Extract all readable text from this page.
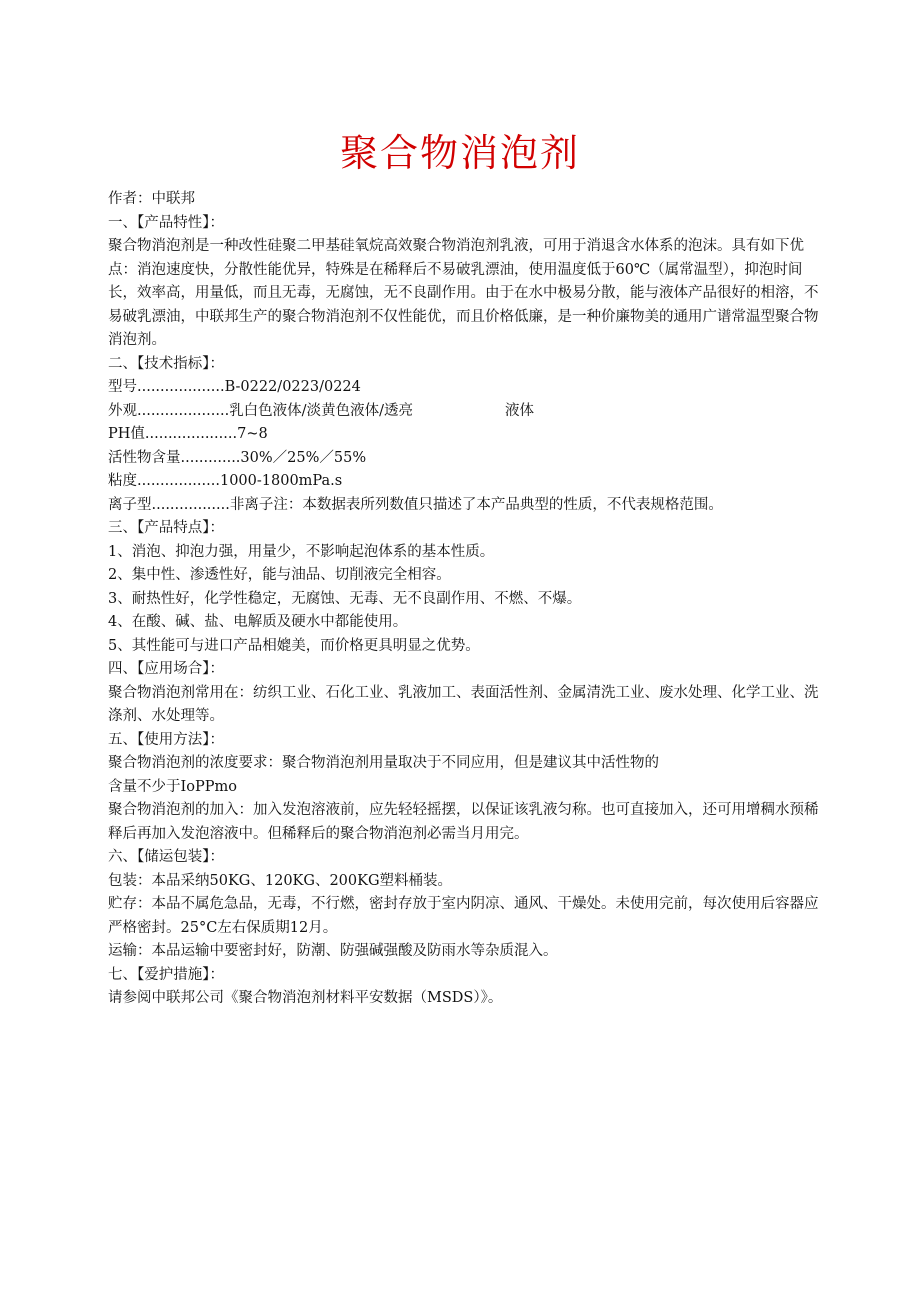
聚合物消泡剂

作者：中联邦

一、【产品特性】：

聚合物消泡剂是一种改性硅聚二甲基硅氧烷高效聚合物消泡剂乳液，可用于消退含水体系的泡沫。具有如下优点：消泡速度快，分散性能优异，特殊是在稀释后不易破乳漂油，使用温度低于60℃（属常温型），抑泡时间长，效率高，用量低，而且无毒，无腐蚀，无不良副作用。由于在水中极易分散，能与液体产品很好的相溶，不易破乳漂油，中联邦生产的聚合物消泡剂不仅性能优，而且价格低廉，是一种价廉物美的通用广谱常温型聚合物消泡剂。

二、【技术指标】：

型号 ................... B-0222/0223/0224

外观 .................... 乳白色液体/淡黄色液体/透亮	液体

PH值 .................... 7~8

活性物含量 ............. 30%／25%／55%

粘度 .................. 1000-1800mPa.s

离子型 ................. 非离子注：本数据表所列数值只描述了本产品典型的性质，不代表规格范围。

三、【产品特点】：

1、消泡、抑泡力强，用量少，不影响起泡体系的基本性质。

2、集中性、渗透性好，能与油品、切削液完全相容。

3、耐热性好，化学性稳定，无腐蚀、无毒、无不良副作用、不燃、不爆。

4、在酸、碱、盐、电解质及硬水中都能使用。

5、其性能可与进口产品相媲美，而价格更具明显之优势。

四、【应用场合】：

聚合物消泡剂常用在：纺织工业、石化工业、乳液加工、表面活性剂、金属清洗工业、废水处理、化学工业、洗涤剂、水处理等。

五、【使用方法】：

聚合物消泡剂的浓度要求：聚合物消泡剂用量取决于不同应用，但是建议其中活性物的

含量不少于IoPPmo

聚合物消泡剂的加入：加入发泡溶液前，应先轻轻摇摆，以保证该乳液匀称。也可直接加入，还可用增稠水预稀释后再加入发泡溶液中。但稀释后的聚合物消泡剂必需当月用完。

六、【储运包装】：

包装：本品采纳50KG、120KG、200KG塑料桶装。

贮存：本品不属危急品，无毒，不行燃，密封存放于室内阴凉、通风、干燥处。未使用完前，每次使用后容器应严格密封。25°C左右保质期12月。

运输：本品运输中要密封好，防潮、防强碱强酸及防雨水等杂质混入。

七、【爱护措施】：

请参阅中联邦公司《聚合物消泡剂材料平安数据（MSDS）》。
